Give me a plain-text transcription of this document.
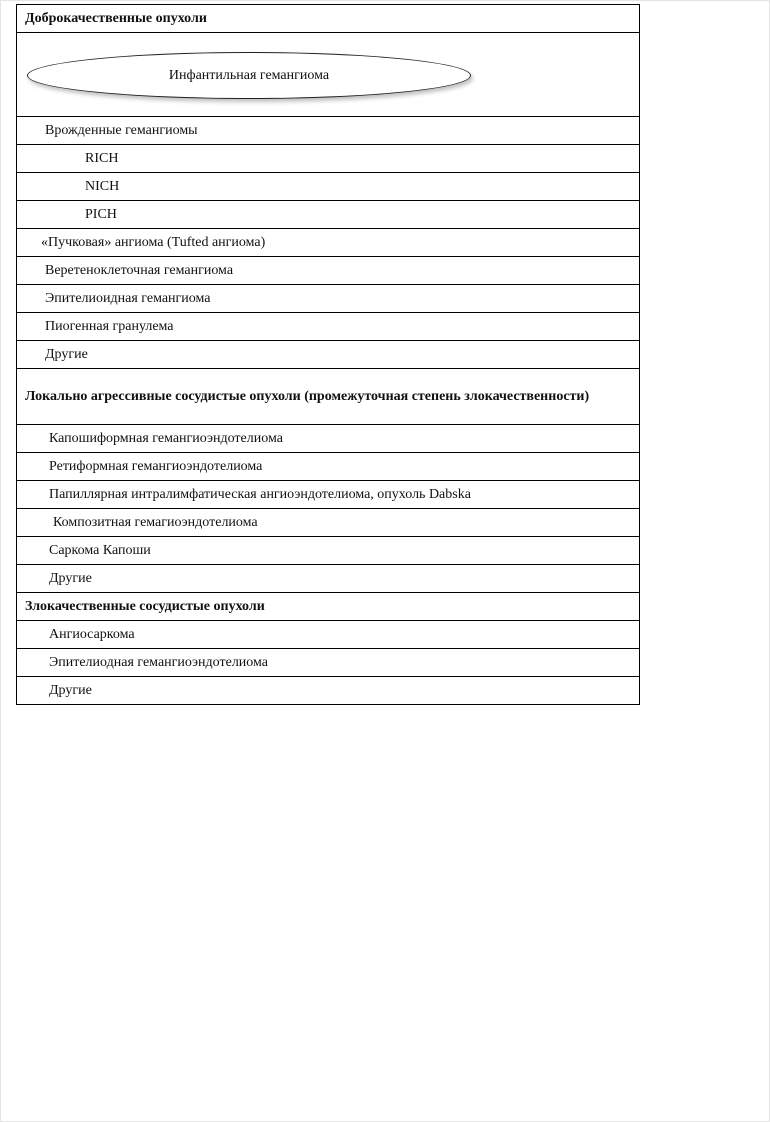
Доброкачественные опухоли

Инфантильная гемангиома

Врожденные гемангиомы
RICH
NICH
PICH
«Пучковая» ангиома (Tufted ангиома)
Веретеноклеточная гемангиома
Эпителиоидная гемангиома
Пиогенная гранулема
Другие
Локально агрессивные сосудистые опухоли (промежуточная степень злокачественности)
Капошиформная гемангиоэндотелиома
Ретиформная гемангиоэндотелиома
Папиллярная интралимфатическая ангиоэндотелиома, опухоль Dabska
Композитная гемагиоэндотелиома
Саркома Капоши
Другие
Злокачественные сосудистые опухоли
Ангиосаркома
Эпителиодная гемангиоэндотелиома
Другие
